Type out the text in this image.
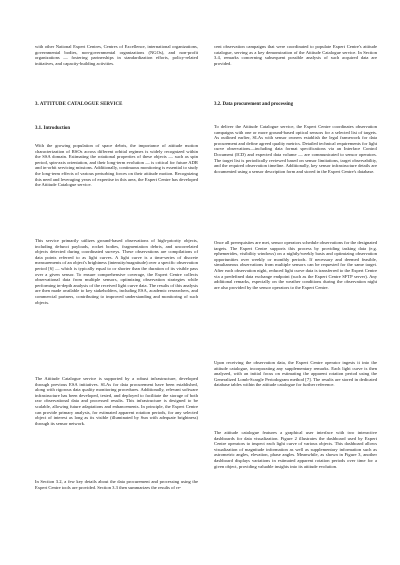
with other National Expert Centres, Centres of Excellence, international organizations, governmental bodies, non-governmental organizations (NGOs), and non-profit organizations — fostering partnerships in standardization efforts, policy-related initiatives, and capacity-building activities.

3. ATTITUDE CATALOGUE SERVICE

3.1. Introduction

With the growing population of space debris, the importance of attitude motion characterization of RSOs across different orbital regimes is widely recognized within the SSA domain. Estimating the rotational properties of these objects — such as spin period, spin-axis orientation, and their long-term evolution — is critical for future ADR and in-orbit servicing missions. Additionally, continuous monitoring is essential to study the long-term effects of various perturbing forces on their attitude motion. Recognizing this need and leveraging years of expertise in this area, the Expert Centre has developed the Attitude Catalogue service.

This service primarily utilizes ground-based observations of high-priority objects, including defunct payloads, rocket bodies, fragmentation debris, and uncorrelated objects detected during coordinated surveys. These observations are compilations of data points referred to as light curves. A light curve is a time-series of discrete measurements of an object's brightness (intensity/magnitude) over a specific observation period [6] — which is typically equal to or shorter than the duration of its visible pass over a given sensor. To ensure comprehensive coverage, the Expert Centre collects observational data from multiple sensors, optimizing observation strategies while performing in-depth analysis of the received light curve data. The results of this analysis are then made available to key stakeholders, including ESA, academic researchers, and commercial partners, contributing to improved understanding and monitoring of such objects.

The Attitude Catalogue service is supported by a robust infrastructure, developed through previous ESA initiatives. SLAs for data procurement have been established, along with rigorous data quality monitoring procedures. Additionally, relevant software infrastructure has been developed, tested, and deployed to facilitate the storage of both raw observational data and processed results. This infrastructure is designed to be scalable, allowing future adaptations and enhancements. In principle, the Expert Centre can provide primary analysis, for estimated apparent rotation periods, for any selected object of interest as long as its visible (illuminated by Sun with adequate brightness) through its sensor network.

In Section 3.2, a few key details about the data procurement and processing using the Expert Centre tools are provided. Section 3.3 then summarizes the results of re-

cent observation campaigns that were coordinated to populate Expert Centre's attitude catalogue, serving as a key demonstration of the Attitude Catalogue service. In Section 3.4, remarks concerning subsequent possible analysis of such acquired data are provided.

3.2. Data procurement and processing

To deliver the Attitude Catalogue service, the Expert Centre coordinates observation campaigns with one or more ground-based optical sensors for a selected list of targets. As outlined earlier, SLAs with sensor owners establish the legal framework for data procurement and define agreed quality metrics. Detailed technical requirements for light curve observations—including data format specifications via an Interface Control Document (ICD) and expected data volume — are communicated to sensor operators. The target list is periodically reviewed based on sensor limitations, target observability, and the required observation timeline. Additionally, key sensor infrastructure details are documented using a sensor description form and stored in the Expert Centre's database.

Once all prerequisites are met, sensor operators schedule observations for the designated targets. The Expert Centre supports this process by providing tasking data (e.g. ephemerides, visibility windows) on a nightly/weekly basis and optimizing observation opportunities over weekly or monthly periods. If necessary and deemed feasible, simultaneous observations from multiple sensors can be requested for the same target. After each observation night, reduced light curve data is transferred to the Expert Centre via a predefined data exchange endpoint (such as the Expert Centre SFTP server). Any additional remarks, especially on the weather conditions during the observation night are also provided by the sensor operators to the Expert Centre.

Upon receiving the observation data, the Expert Centre operator ingests it into the attitude catalogue, incorporating any supplementary remarks. Each light curve is then analyzed, with an initial focus on estimating the apparent rotation period using the Generalized Lomb-Scargle Periodogram method [7]. The results are stored in dedicated database tables within the attitude catalogue for further reference.

The attitude catalogue features a graphical user interface with two interactive dashboards for data visualization. Figure 2 illustrates the dashboard used by Expert Centre operators to inspect each light curve of various objects. This dashboard allows visualization of magnitude information as well as supplementary information such as astrometric angles, elevation, phase angles. Meanwhile, as shown in Figure 3, another dashboard displays variations in estimated apparent rotation periods over time for a given object, providing valuable insights into its attitude evolution.
